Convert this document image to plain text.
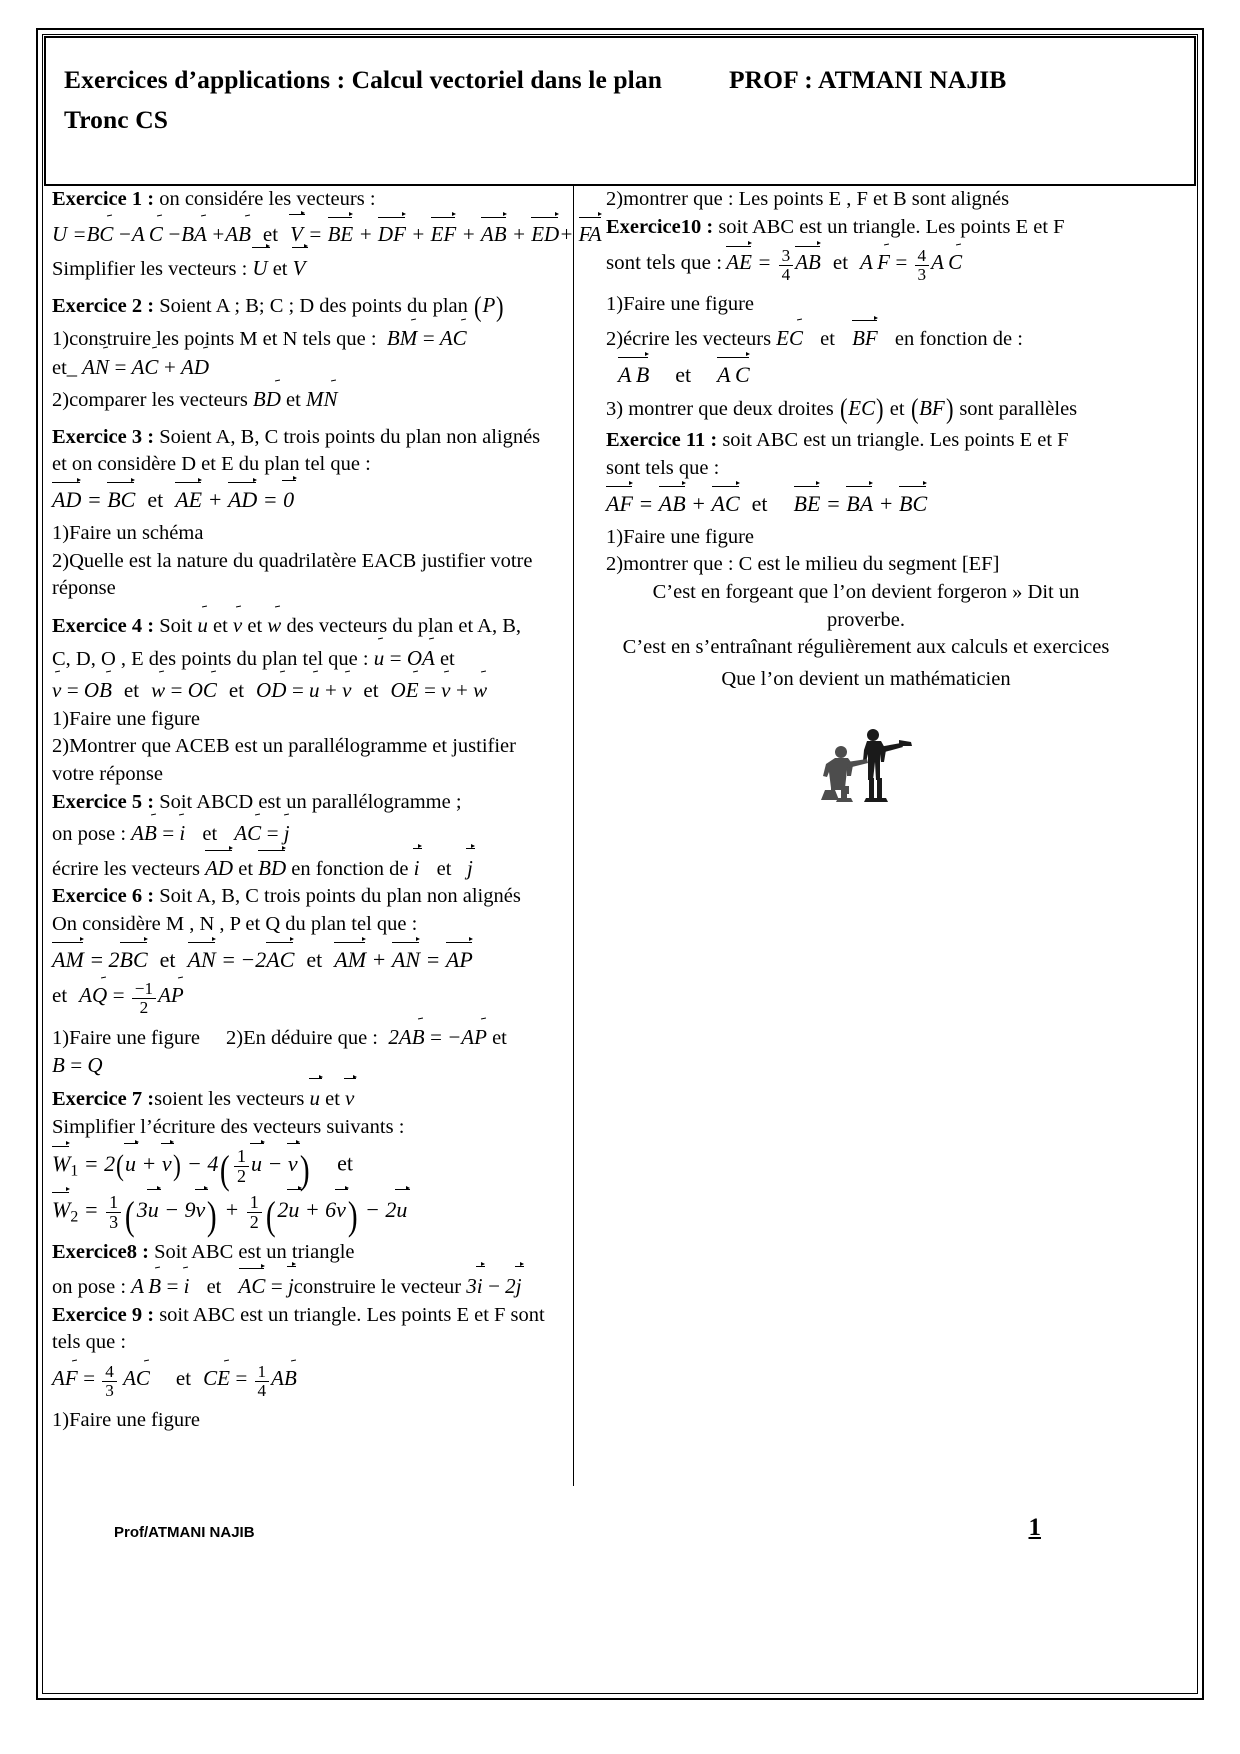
Exercices d’applications : Calcul vectoriel dans le plan	PROF : ATMANI NAJIB
Tronc CS
Exercice 1 : on considére les vecteurs :
U =BC −A C −BA +AB et V = BE + DF + EF + AB + ED+ FA
Simplifier les vecteurs : U et V
Exercice 2 : Soient A ; B; C ; D des points du plan (P)
1)construire les points M et N tels que : BM = AC
et_ AN = AC + AD
2)comparer les vecteurs BD et MN
Exercice 3 : Soient A, B, C trois points du plan non alignés
et on considère D et E du plan tel que :
AD = BC et AE + AD = 0
1)Faire un schéma
2)Quelle est la nature du quadrilatère EACB justifier votre
réponse
Exercice 4 : Soit u et v et w des vecteurs du plan et A, B,
C, D, O , E des points du plan tel que : u = OA et
v = OB et w = OC et OD = u + v et OE = v + w
1)Faire une figure
2)Montrer que ACEB est un parallélogramme et justifier
votre réponse
Exercice 5 : Soit ABCD est un parallélogramme ;
on pose : AB = i et AC = j
écrire les vecteurs AD et BD en fonction de i et j
Exercice 6 : Soit A, B, C trois points du plan non alignés
On considère M , N , P et Q du plan tel que :
AM = 2BC et AN = −2AC et AM + AN = AP
et AQ =  $\frac{-1}{2}$ AP
1)Faire une figure 2)En déduire que :  2AB = −AP et B = Q
Exercice 7 :soient les vecteurs u et v
Simplifier l’écriture des vecteurs suivants :
$W_1 = 2(u + v) - 4( \frac{1}{2}$ u − v) et
$W_2 = \frac{1}{3} (3u - 9v) + \frac{1}{2} (2u + 6v) - 2u$
Exercice8 : Soit ABC est un triangle
on pose : A B = i et AC = jconstruire le vecteur 3i − 2j
Exercice 9 : soit ABC est un triangle. Les points E et F sont
tels que :
AF =  $\frac{4}{3}$
  AC et CE =  $\frac{1}{4}$ AB
1)Faire une figure
2)montrer que : Les points E , F et B sont alignés
Exercice10 : soit ABC est un triangle. Les points E et F
sont tels que :  AE = $\frac{3}{4}$ AB et A $F = \frac{4}{3}$ A C
1)Faire une figure
2)écrire les vecteurs EC et BF en fonction de :
A B et A C
3) montrer que deux droites (EC) et (BF) sont parallèles
Exercice 11 : soit ABC est un triangle. Les points E et F
sont tels que :
AF = AB + AC et BE = BA + BC
1)Faire une figure
2)montrer que : C est le milieu du segment [EF]
C’est en forgeant que l’on devient forgeron » Dit un
proverbe.
C’est en s’entraînant régulièrement aux calculs et exercices
Que l’on devient un mathématicien
Prof/ATMANI NAJIB	1
